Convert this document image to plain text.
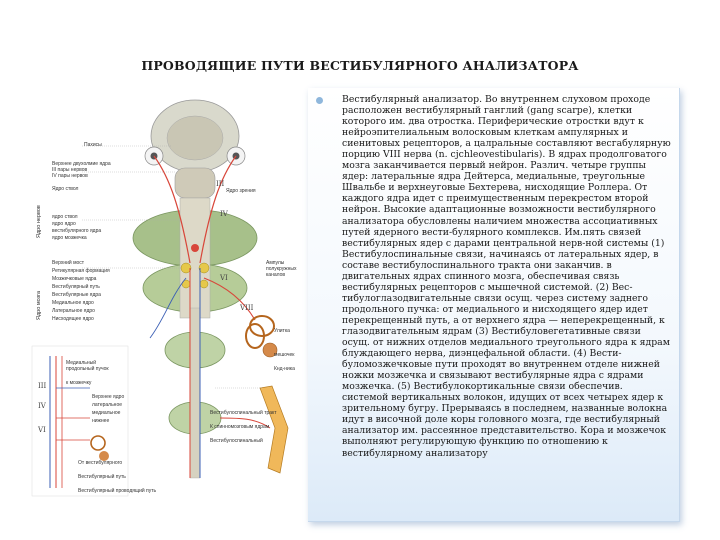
ПРОВОДЯЩИЕ ПУТИ ВЕСТИБУЛЯРНОГО АНАЛИЗАТОРА
Пахисы
Верхнее двухолмие ядра
III пары нервов
IV пары нервов
Ядро ствол
ядро ствол
ядро ядро
вестибулярного ядра
ядро мозжечка
Верхний мост
Ретикулярная формация
Мозжечковые ядра
Вестибулярный путь
Вестибулярные ядра
Медиальное ядро
Латеральное ядро
Нисходящее ядро
Медиальный
продольный пучок
к мозжечку
Верхнее ядро
латеральное
медиальное
нижнее
От вестибулярного
Вестибулярный путь
Вестибулярный проводящий путь
Вестибулоспинальный тракт
К спинномозговым ядрам
Вестибулоспинальный
Ампулы
полукружных
каналов
Улитка
мешочек
Кнд-ника
Ядро зрения
III
IV
VI
VIII
III
IV
VI
Ядро нервов
Ядро мозга

Вестибулярный анализатор. Во внутреннем слуховом проходе расположен вестибулярный ганглий (gang scarpe), клетки которого им. два отростка. Периферические отростки вдут к нейроэпителиальным волосковым клеткам ампулярных и сиенитовых рецепторов, а цалральные составляют весгабулярную порцию VIII нерва (n. cjchleovestibularis). В ядрах продолговатого мозга заканчивается первый нейрон. Различ. четыре группы ядер: латеральные ядра Дейтерса, медиальные, треугольные Швальбе и верхнеуговые Бехтерева, нисходящие Роллера. От каждого ядра идет с преимущественным перекрестом второй нейрон. Высокие адаптационные возможности вестибулярного анализатора обусловлены наличием множества ассоциативных путей ядерного вести-булярного комплексв. Им.пять связей вестибулярных ядер с дарами центральной нерв-ной системы (1) Вестибулоспинальные связи, начинаясь от латеральных ядер, в составе вестибулоспинального тракта они заканчив. в двигательных ядрах спинного мозга, обеспечивая связь вестибулярных рецепторов с мышечной системой. (2) Вес-тибулоглазодвигательные связи осущ. через систему заднего продольного пучка: от медиального и нисходящего ядер идет перекрещенный путь, а от верхнего ядра — неперекрещенный, к глазодвигательным ядрам (3) Вестибуловегетативные связи осущ. от нижних отделов медиального треугольного ядра к ядрам блуждающего нерва, диэнцефальной области. (4) Вести-буломозжечковые пути проходят во внутреннем отделе нижней ножки мозжечка и связывают вестибулярные ядра с ядрами мозжечка. (5) Вестибулокортикальные связи обеспечив. системой вертикальных волокон, идущих от всех четырех ядер к зрительному бугру. Прерываясь в последнем, названные волокна идут в височной доле коры головного мозга, где вестибулярный анализатор им. рассеянное представительство. Кора и мозжечок выполняют регулирующую функцию по отношению к вестибулярному анализатору
